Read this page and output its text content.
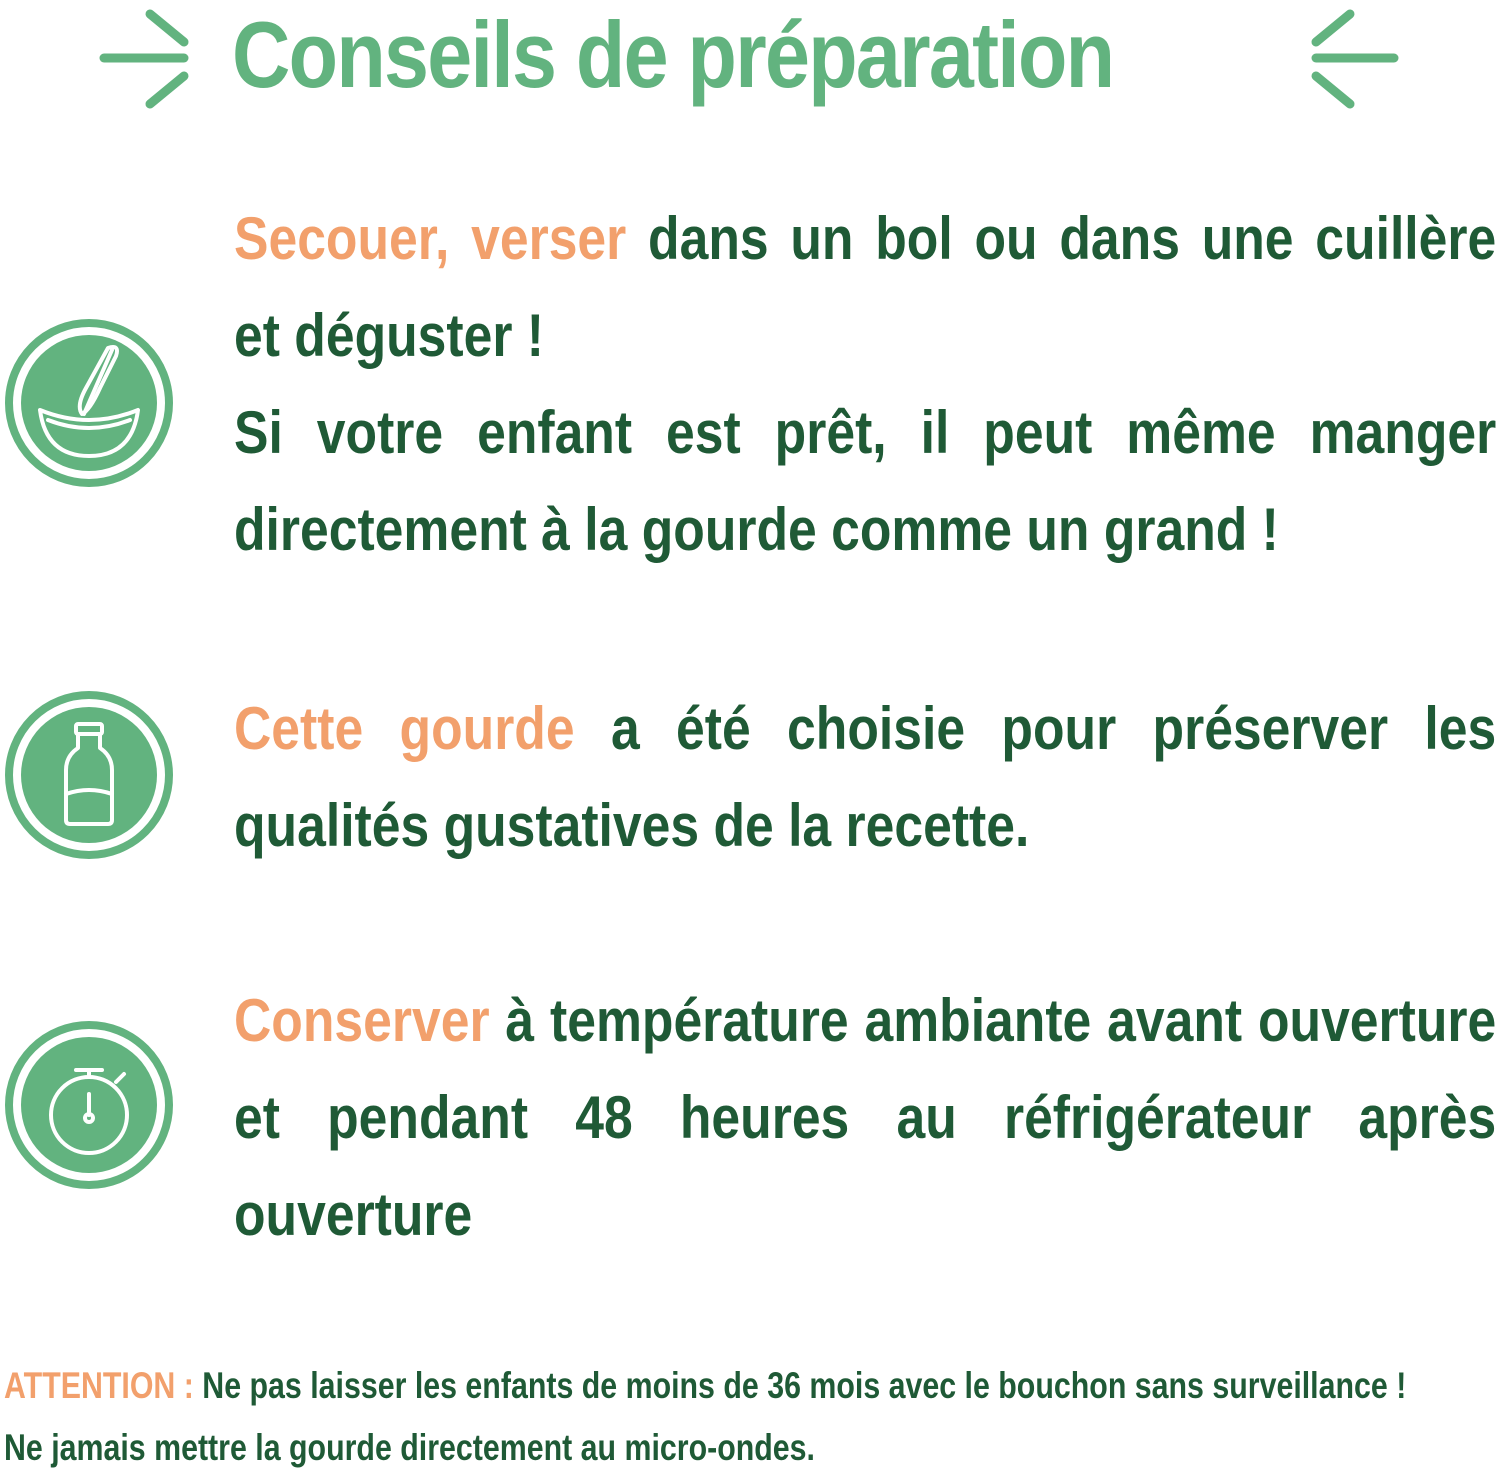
Conseils de préparation
Secouer, verser dans un bol ou dans une cuillère et déguster !
Si votre enfant est prêt, il peut même manger directement à la gourde comme un grand !
Cette gourde a été choisie pour préserver les qualités gustatives de la recette.
Conserver à température ambiante avant ouverture et pendant 48 heures au réfrigérateur après ouverture
ATTENTION : Ne pas laisser les enfants de moins de 36 mois avec le bouchon sans surveillance !
Ne jamais mettre la gourde directement au micro-ondes.
